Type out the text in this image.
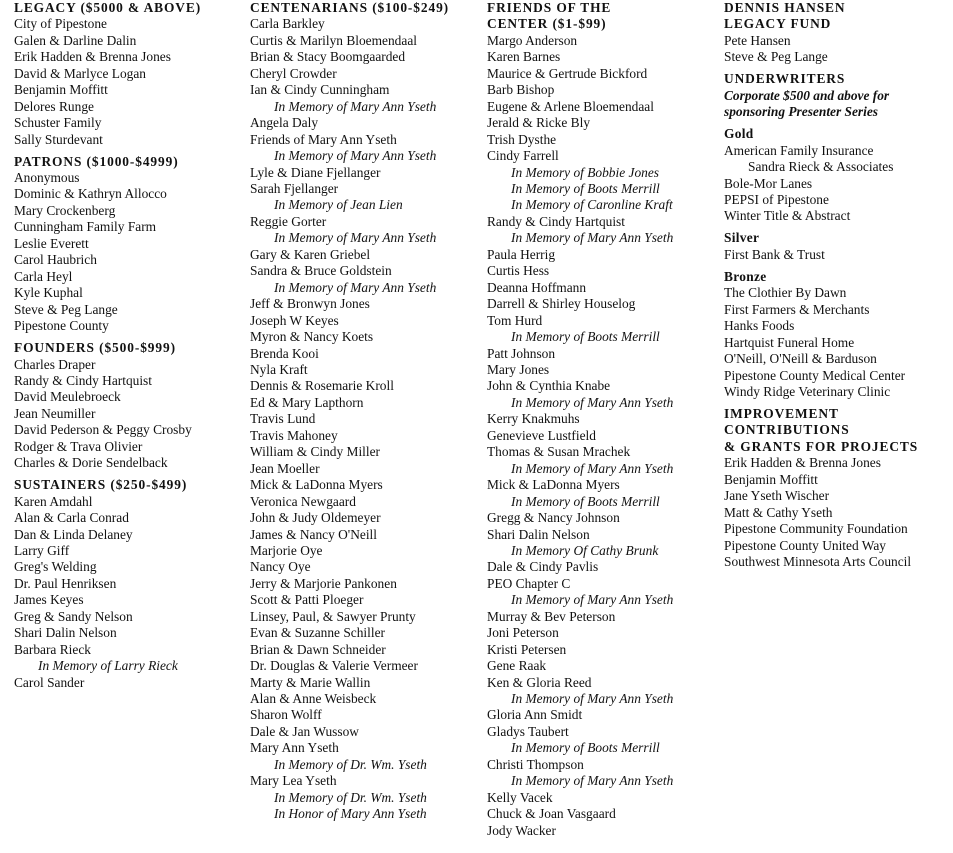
LEGACY ($5000 & ABOVE)
City of Pipestone
Galen & Darline Dalin
Erik Hadden & Brenna Jones
David & Marlyce Logan
Benjamin Moffitt
Delores Runge
Schuster Family
Sally Sturdevant
PATRONS ($1000-$4999)
Anonymous
Dominic & Kathryn Allocco
Mary Crockenberg
Cunningham Family Farm
Leslie Everett
Carol Haubrich
Carla Heyl
Kyle Kuphal
Steve & Peg Lange
Pipestone County
FOUNDERS ($500-$999)
Charles Draper
Randy & Cindy Hartquist
David Meulebroeck
Jean Neumiller
David Pederson & Peggy Crosby
Rodger & Trava Olivier
Charles & Dorie Sendelback
SUSTAINERS ($250-$499)
Karen Amdahl
Alan & Carla Conrad
Dan & Linda Delaney
Larry Giff
Greg's Welding
Dr. Paul Henriksen
James Keyes
Greg & Sandy Nelson
Shari Dalin Nelson
Barbara Rieck
In Memory of Larry Rieck
Carol Sander
CENTENARIANS ($100-$249)
Carla Barkley
Curtis & Marilyn Bloemendaal
Brian & Stacy Boomgaarded
Cheryl Crowder
Ian & Cindy Cunningham
In Memory of Mary Ann Yseth
Angela Daly
Friends of Mary Ann Yseth
In Memory of Mary Ann Yseth
Lyle & Diane Fjellanger
Sarah Fjellanger
In Memory of Jean Lien
Reggie Gorter
In Memory of Mary Ann Yseth
Gary & Karen Griebel
Sandra & Bruce Goldstein
In Memory of Mary Ann Yseth
Jeff & Bronwyn Jones
Joseph W Keyes
Myron & Nancy Koets
Brenda Kooi
Nyla Kraft
Dennis & Rosemarie Kroll
Ed & Mary Lapthorn
Travis Lund
Travis Mahoney
William & Cindy Miller
Jean Moeller
Mick & LaDonna Myers
Veronica Newgaard
John & Judy Oldemeyer
James & Nancy O'Neill
Marjorie Oye
Nancy Oye
Jerry & Marjorie Pankonen
Scott & Patti Ploeger
Linsey, Paul, & Sawyer Prunty
Evan & Suzanne Schiller
Brian & Dawn Schneider
Dr. Douglas & Valerie Vermeer
Marty & Marie Wallin
Alan & Anne Weisbeck
Sharon Wolff
Dale & Jan Wussow
Mary Ann Yseth
In Memory of Dr. Wm. Yseth
Mary Lea Yseth
In Memory of Dr. Wm. Yseth
In Honor of Mary Ann Yseth
FRIENDS OF THE
CENTER ($1-$99)
Margo Anderson
Karen Barnes
Maurice & Gertrude Bickford
Barb Bishop
Eugene & Arlene Bloemendaal
Jerald & Ricke Bly
Trish Dysthe
Cindy Farrell
In Memory of Bobbie Jones
In Memory of Boots Merrill
In Memory of Caronline Kraft
Randy & Cindy Hartquist
In Memory of Mary Ann Yseth
Paula Herrig
Curtis Hess
Deanna Hoffmann
Darrell & Shirley Houselog
Tom Hurd
In Memory of Boots Merrill
Patt Johnson
Mary Jones
John & Cynthia Knabe
In Memory of Mary Ann Yseth
Kerry Knakmuhs
Genevieve Lustfield
Thomas & Susan Mrachek
In Memory of Mary Ann Yseth
Mick & LaDonna Myers
In Memory of Boots Merrill
Gregg & Nancy Johnson
Shari Dalin Nelson
In Memory Of Cathy Brunk
Dale & Cindy Pavlis
PEO Chapter C
In Memory of Mary Ann Yseth
Murray & Bev Peterson
Joni Peterson
Kristi Petersen
Gene Raak
Ken & Gloria Reed
In Memory of Mary Ann Yseth
Gloria Ann Smidt
Gladys Taubert
In Memory of Boots Merrill
Christi Thompson
In Memory of Mary Ann Yseth
Kelly Vacek
Chuck & Joan Vasgaard
Jody Wacker
DENNIS HANSEN
LEGACY FUND
Pete Hansen
Steve & Peg Lange
UNDERWRITERS
Corporate $500 and above for
sponsoring Presenter Series
Gold
American Family Insurance
Sandra Rieck & Associates
Bole-Mor Lanes
PEPSI of Pipestone
Winter Title & Abstract
Silver
First Bank & Trust
Bronze
The Clothier By Dawn
First Farmers & Merchants
Hanks Foods
Hartquist Funeral Home
O'Neill, O'Neill & Barduson
Pipestone County Medical Center
Windy Ridge Veterinary Clinic
IMPROVEMENT
CONTRIBUTIONS
& GRANTS FOR PROJECTS
Erik Hadden & Brenna Jones
Benjamin Moffitt
Jane Yseth Wischer
Matt & Cathy Yseth
Pipestone Community Foundation
Pipestone County United Way
Southwest Minnesota Arts Council
